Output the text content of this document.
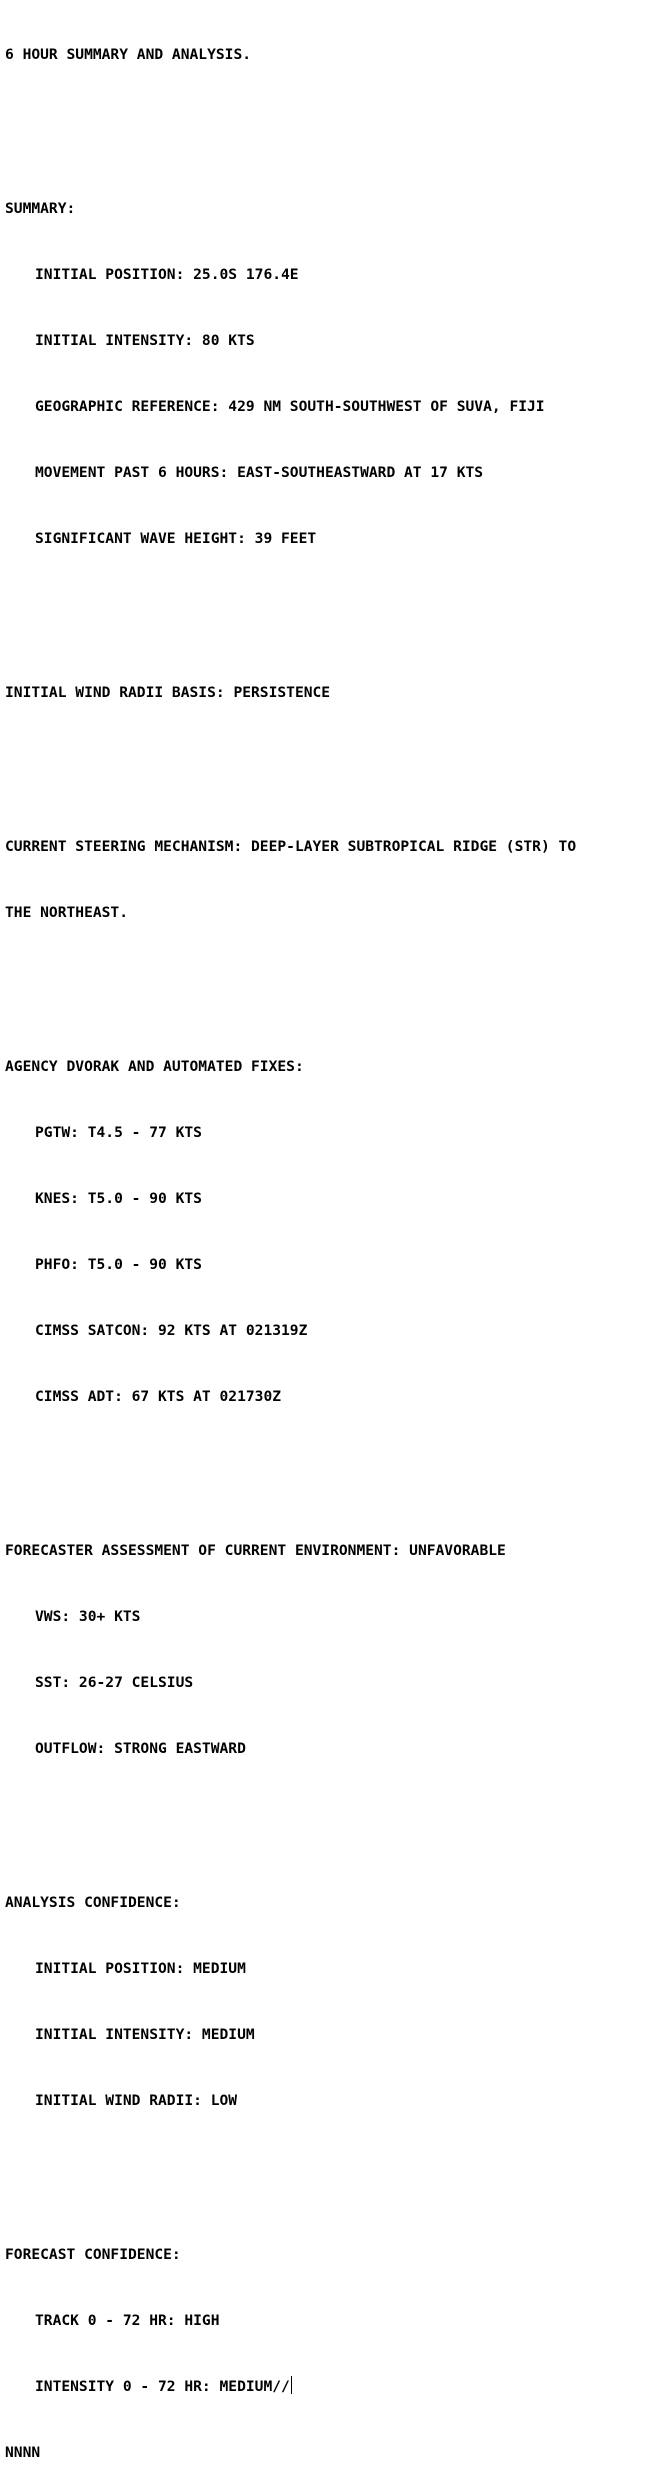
6 HOUR SUMMARY AND ANALYSIS.

SUMMARY:

INITIAL POSITION: 25.0S 176.4E

INITIAL INTENSITY: 80 KTS

GEOGRAPHIC REFERENCE: 429 NM SOUTH-SOUTHWEST OF SUVA, FIJI

MOVEMENT PAST 6 HOURS: EAST-SOUTHEASTWARD AT 17 KTS

SIGNIFICANT WAVE HEIGHT: 39 FEET

INITIAL WIND RADII BASIS: PERSISTENCE

CURRENT STEERING MECHANISM: DEEP-LAYER SUBTROPICAL RIDGE (STR) TO

THE NORTHEAST.

AGENCY DVORAK AND AUTOMATED FIXES:

PGTW: T4.5 - 77 KTS

KNES: T5.0 - 90 KTS

PHFO: T5.0 - 90 KTS

CIMSS SATCON: 92 KTS AT 021319Z

CIMSS ADT: 67 KTS AT 021730Z

FORECASTER ASSESSMENT OF CURRENT ENVIRONMENT: UNFAVORABLE

VWS: 30+ KTS

SST: 26-27 CELSIUS

OUTFLOW: STRONG EASTWARD

ANALYSIS CONFIDENCE:

INITIAL POSITION: MEDIUM

INITIAL INTENSITY: MEDIUM

INITIAL WIND RADII: LOW

FORECAST CONFIDENCE:

TRACK 0 - 72 HR: HIGH

INTENSITY 0 - 72 HR: MEDIUM//

NNNN
